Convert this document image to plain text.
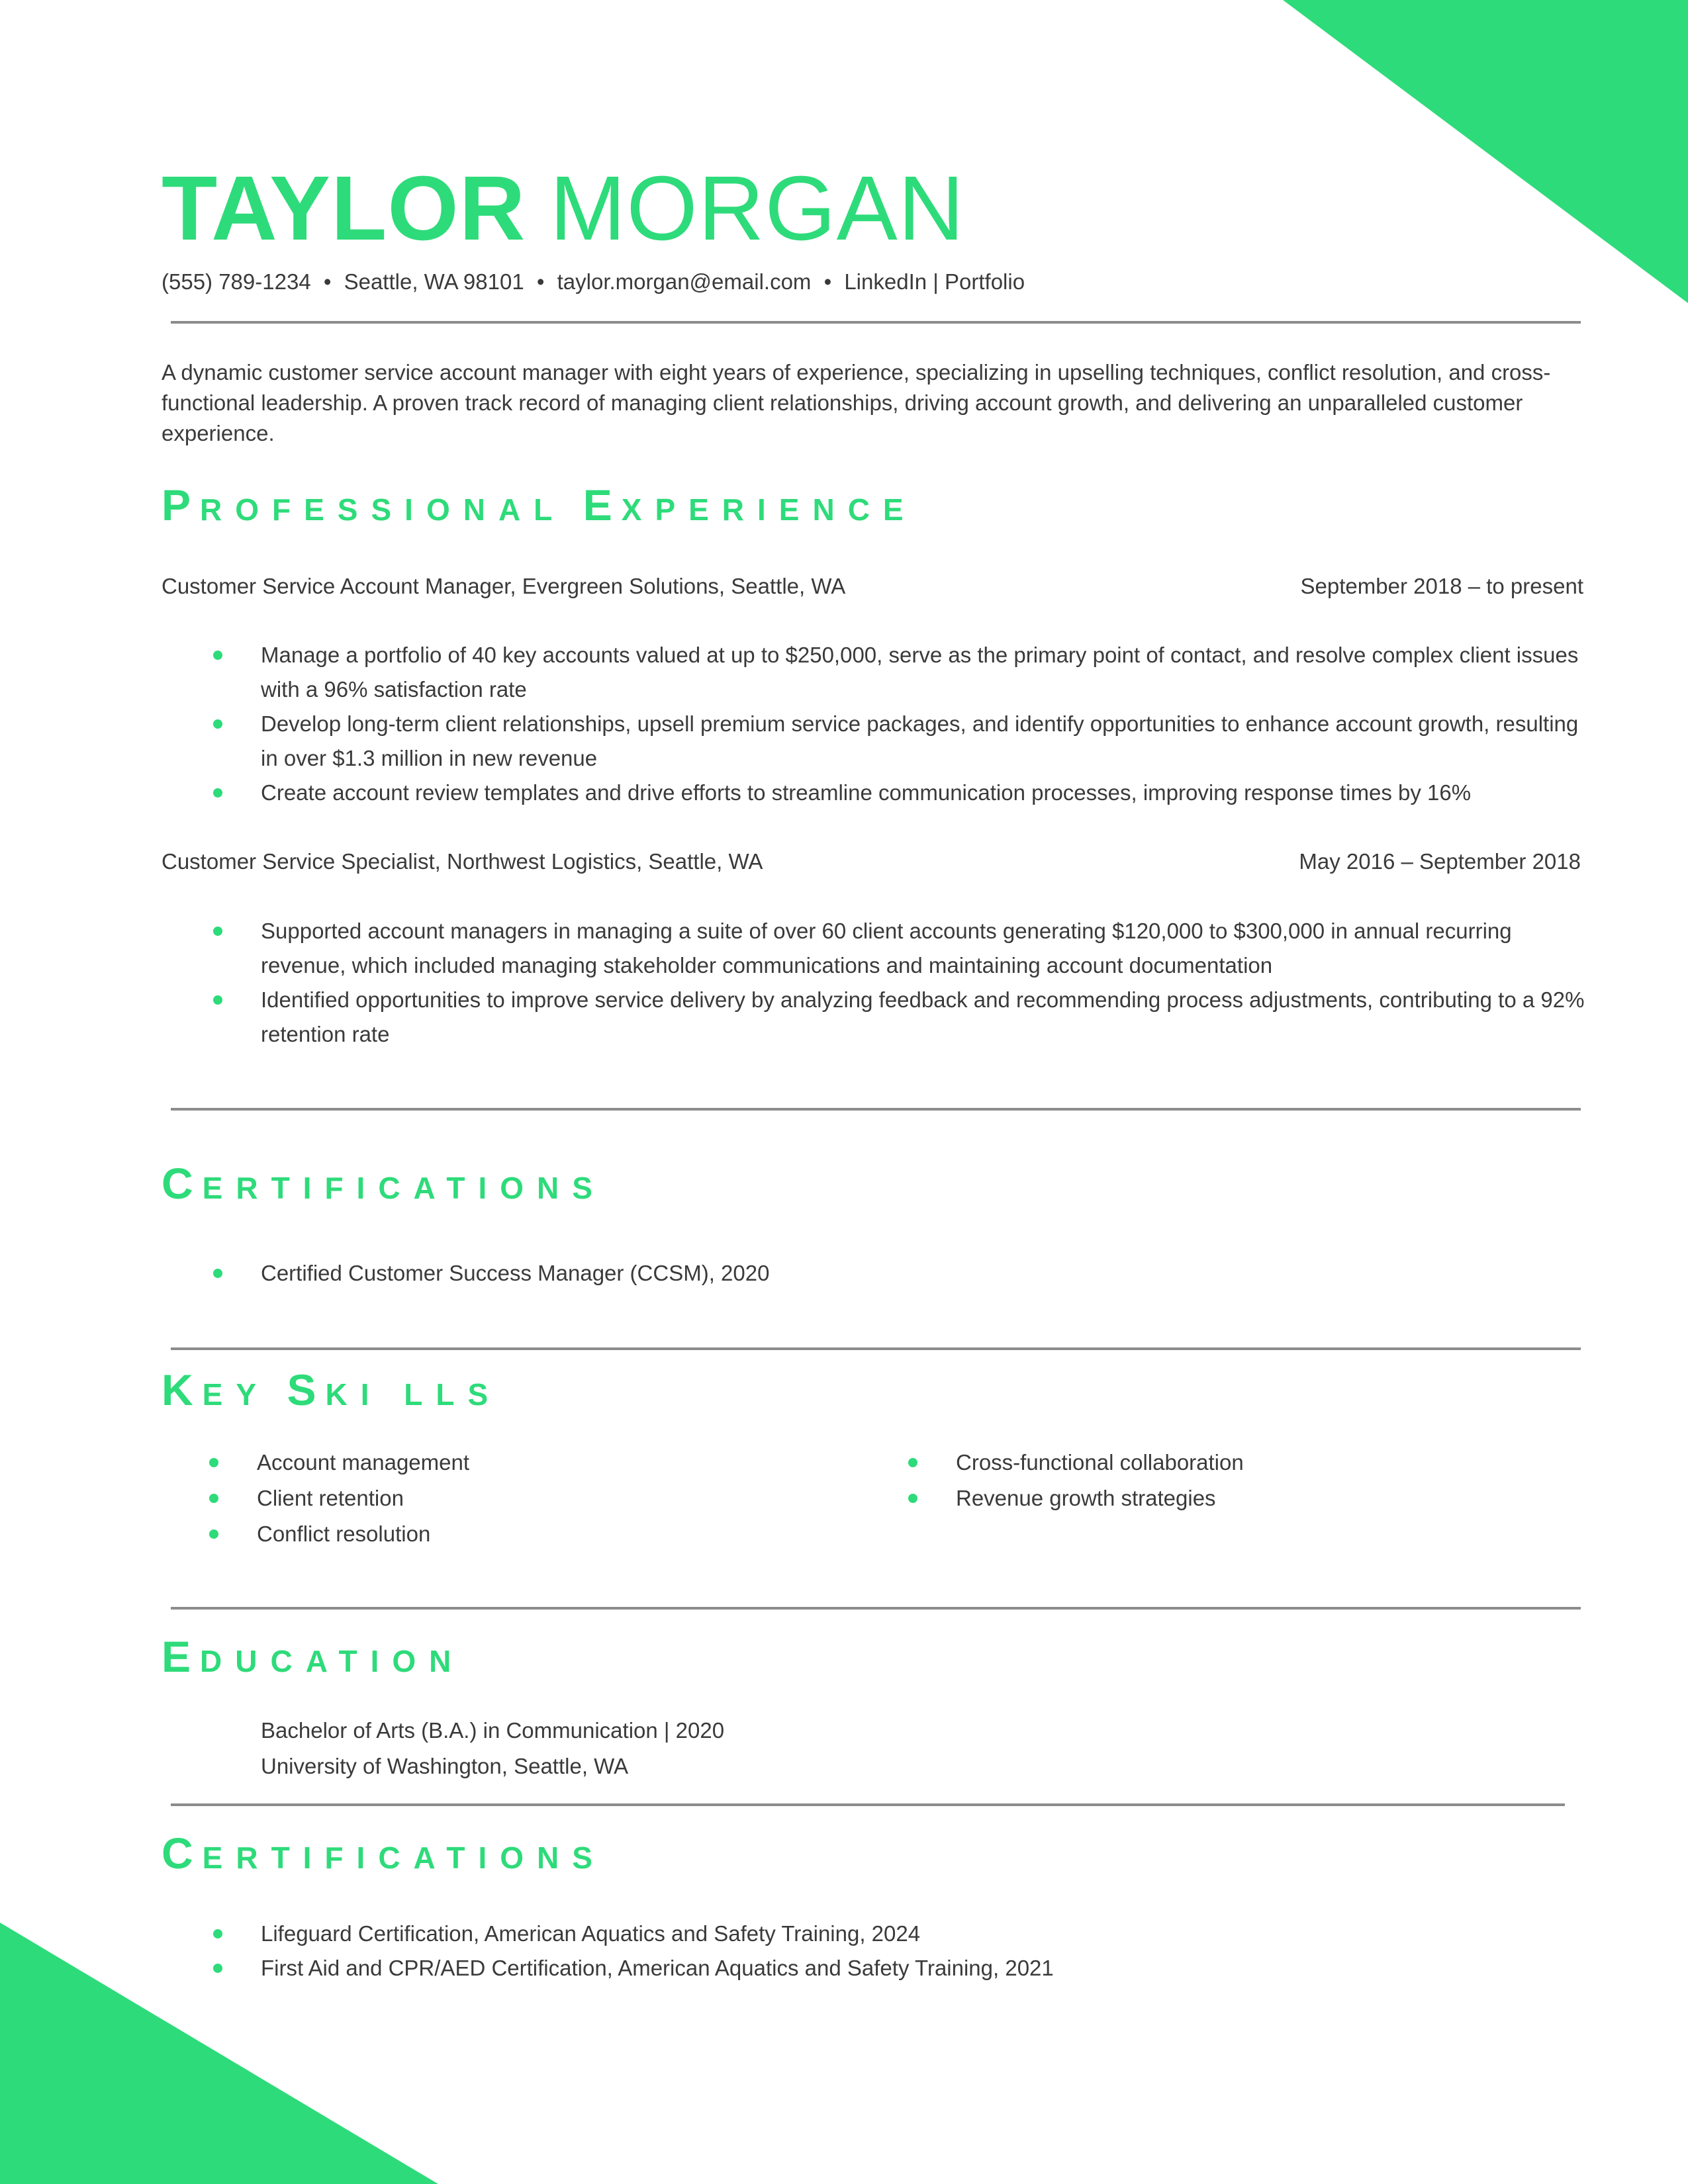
TAYLOR MORGAN
(555) 789-1234 • Seattle, WA 98101 • taylor.morgan@email.com • LinkedIn | Portfolio
A dynamic customer service account manager with eight years of experience, specializing in upselling techniques, conflict resolution, and cross-functional leadership. A proven track record of managing client relationships, driving account growth, and delivering an unparalleled customer experience.
PROFESSIONAL EXPERIENCE
Customer Service Account Manager, Evergreen Solutions, Seattle, WA	September 2018 – to present
Manage a portfolio of 40 key accounts valued at up to $250,000, serve as the primary point of contact, and resolve complex client issues with a 96% satisfaction rate
Develop long-term client relationships, upsell premium service packages, and identify opportunities to enhance account growth, resulting in over $1.3 million in new revenue
Create account review templates and drive efforts to streamline communication processes, improving response times by 16%
Customer Service Specialist, Northwest Logistics, Seattle, WA	May 2016 – September 2018
Supported account managers in managing a suite of over 60 client accounts generating $120,000 to $300,000 in annual recurring revenue, which included managing stakeholder communications and maintaining account documentation
Identified opportunities to improve service delivery by analyzing feedback and recommending process adjustments, contributing to a 92% retention rate
CERTIFICATIONS
Certified Customer Success Manager (CCSM), 2020
KEY SKI LLS
Account management
Client retention
Conflict resolution
Cross-functional collaboration
Revenue growth strategies
EDUCATION
Bachelor of Arts (B.A.) in Communication | 2020
University of Washington, Seattle, WA
CERTIFICATIONS
Lifeguard Certification, American Aquatics and Safety Training, 2024
First Aid and CPR/AED Certification, American Aquatics and Safety Training, 2021
